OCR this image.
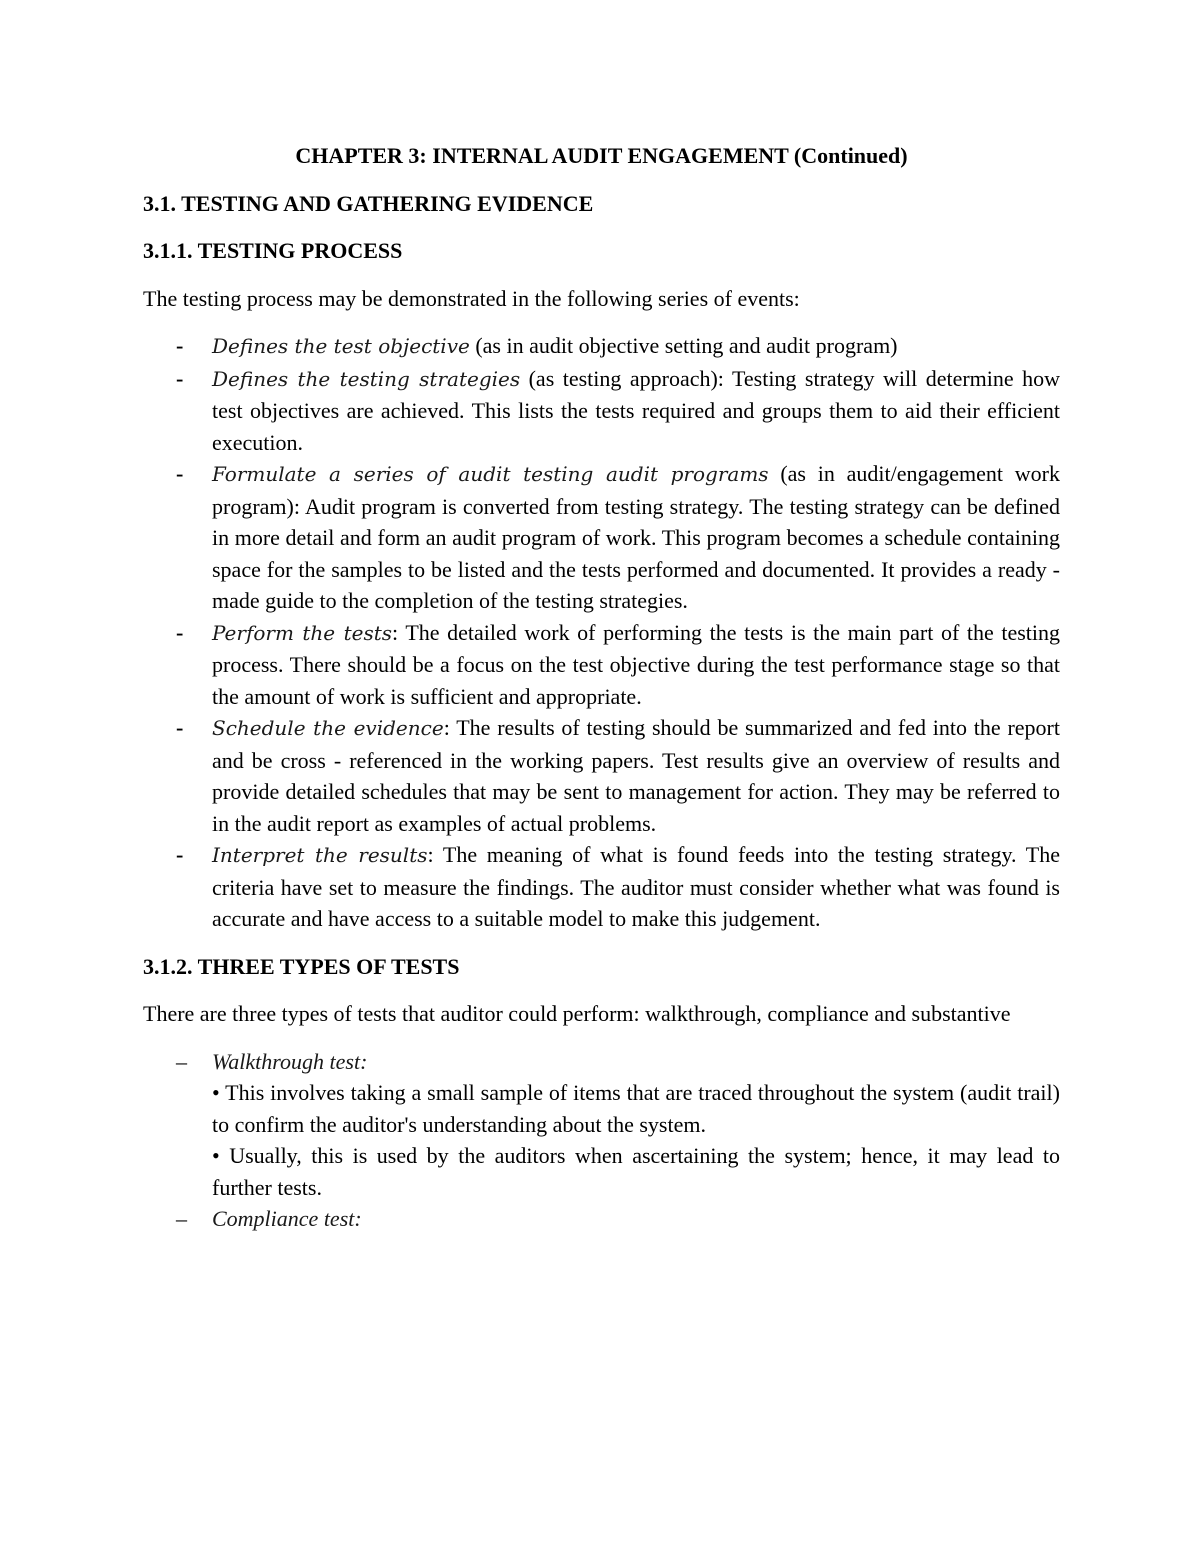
CHAPTER 3: INTERNAL AUDIT ENGAGEMENT (Continued)
3.1. TESTING AND GATHERING EVIDENCE
3.1.1. TESTING PROCESS
The testing process may be demonstrated in the following series of events:
- Defines the test objective (as in audit objective setting and audit program)
- Defines the testing strategies (as testing approach): Testing strategy will determine how test objectives are achieved. This lists the tests required and groups them to aid their efficient execution.
- Formulate a series of audit testing audit programs (as in audit/engagement work program): Audit program is converted from testing strategy. The testing strategy can be defined in more detail and form an audit program of work. This program becomes a schedule containing space for the samples to be listed and the tests performed and documented. It provides a ready - made guide to the completion of the testing strategies.
- Perform the tests: The detailed work of performing the tests is the main part of the testing process. There should be a focus on the test objective during the test performance stage so that the amount of work is sufficient and appropriate.
- Schedule the evidence: The results of testing should be summarized and fed into the report and be cross - referenced in the working papers. Test results give an overview of results and provide detailed schedules that may be sent to management for action. They may be referred to in the audit report as examples of actual problems.
- Interpret the results: The meaning of what is found feeds into the testing strategy. The criteria have set to measure the findings. The auditor must consider whether what was found is accurate and have access to a suitable model to make this judgement.
3.1.2. THREE TYPES OF TESTS
There are three types of tests that auditor could perform: walkthrough, compliance and substantive
– Walkthrough test:
• This involves taking a small sample of items that are traced throughout the system (audit trail) to confirm the auditor's understanding about the system.
• Usually, this is used by the auditors when ascertaining the system; hence, it may lead to further tests.
– Compliance test:
